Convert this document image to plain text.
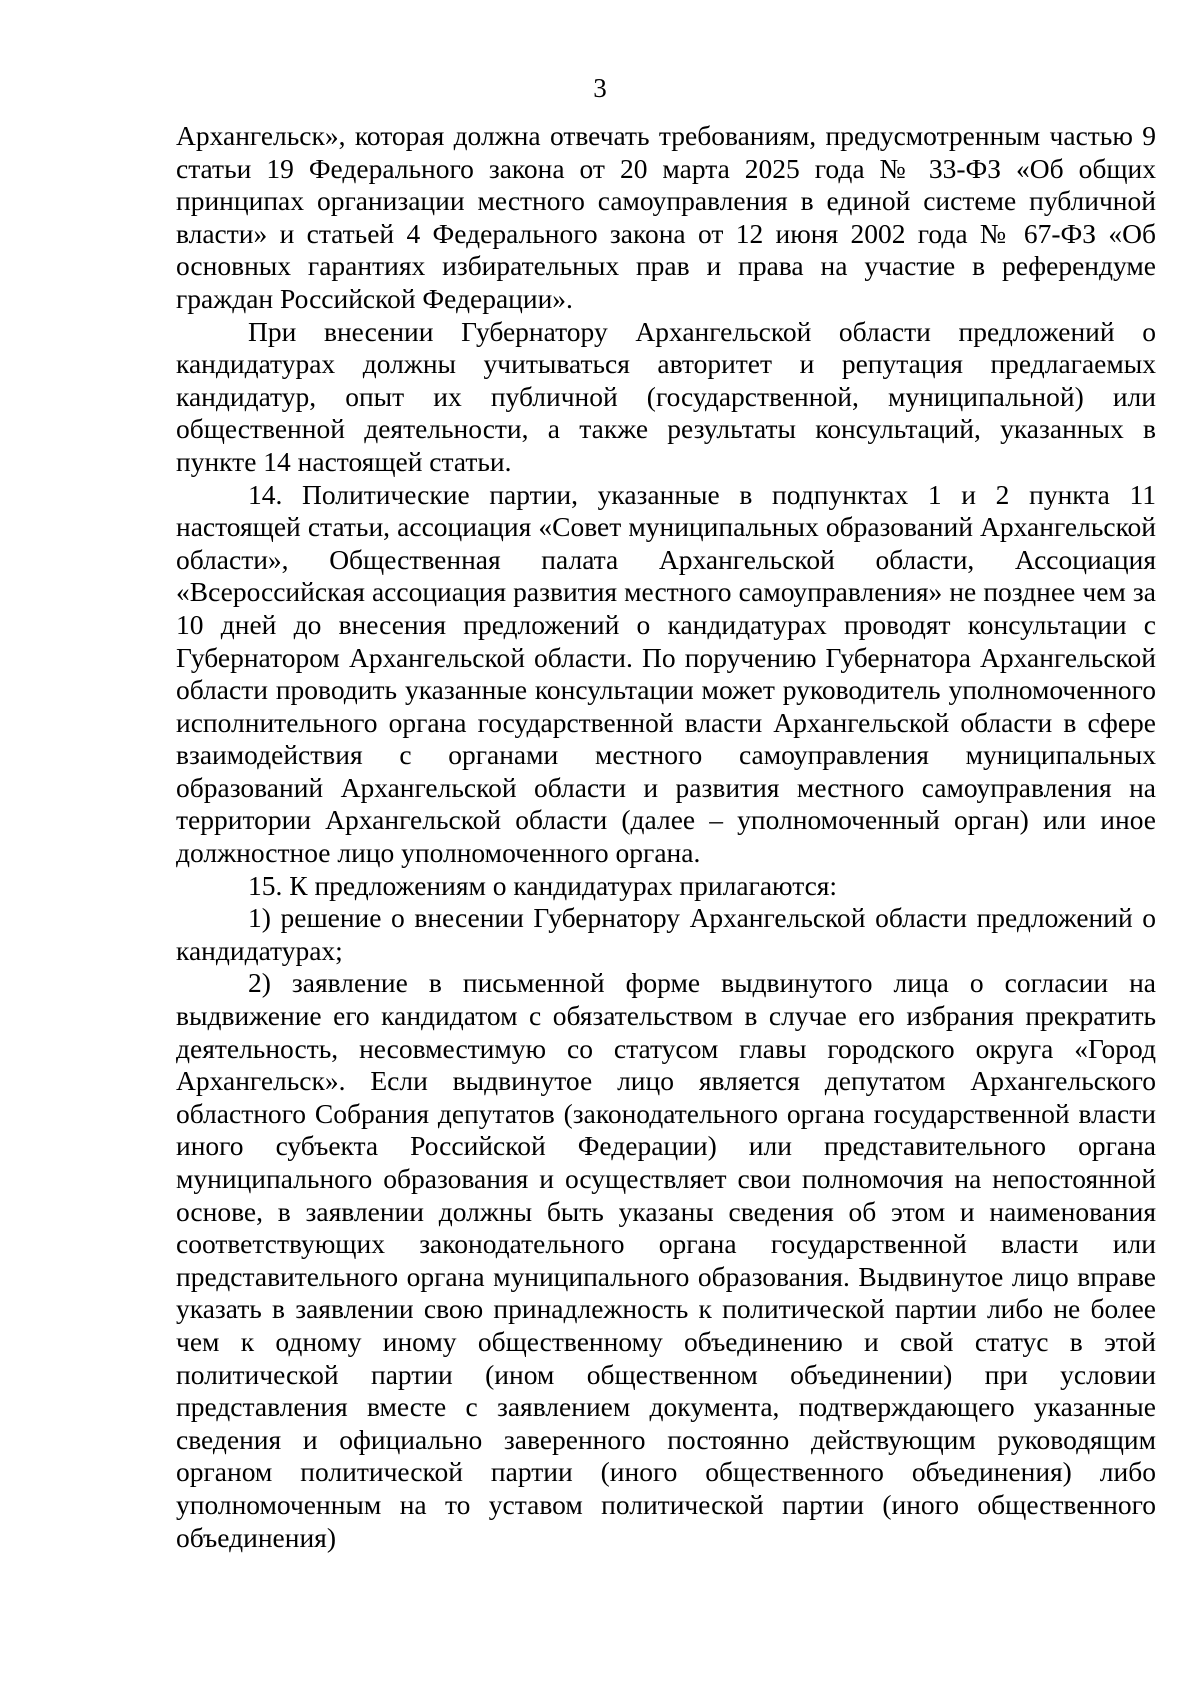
3

Архангельск», которая должна отвечать требованиям, предусмотренным частью 9 статьи 19 Федерального закона от 20 марта 2025 года № 33-ФЗ «Об общих принципах организации местного самоуправления в единой системе публичной власти» и статьей 4 Федерального закона от 12 июня 2002 года № 67-ФЗ «Об основных гарантиях избирательных прав и права на участие в референдуме граждан Российской Федерации».

При внесении Губернатору Архангельской области предложений о кандидатурах должны учитываться авторитет и репутация предлагаемых кандидатур, опыт их публичной (государственной, муниципальной) или общественной деятельности, а также результаты консультаций, указанных в пункте 14 настоящей статьи.

14. Политические партии, указанные в подпунктах 1 и 2 пункта 11 настоящей статьи, ассоциация «Совет муниципальных образований Архангельской области», Общественная палата Архангельской области, Ассоциация «Всероссийская ассоциация развития местного самоуправления» не позднее чем за 10 дней до внесения предложений о кандидатурах проводят консультации с Губернатором Архангельской области. По поручению Губернатора Архангельской области проводить указанные консультации может руководитель уполномоченного исполнительного органа государственной власти Архангельской области в сфере взаимодействия с органами местного самоуправления муниципальных образований Архангельской области и развития местного самоуправления на территории Архангельской области (далее – уполномоченный орган) или иное должностное лицо уполномоченного органа.

15. К предложениям о кандидатурах прилагаются:

1) решение о внесении Губернатору Архангельской области предложений о кандидатурах;

2) заявление в письменной форме выдвинутого лица о согласии на выдвижение его кандидатом с обязательством в случае его избрания прекратить деятельность, несовместимую со статусом главы городского округа «Город Архангельск». Если выдвинутое лицо является депутатом Архангельского областного Собрания депутатов (законодательного органа государственной власти иного субъекта Российской Федерации) или представительного органа муниципального образования и осуществляет свои полномочия на непостоянной основе, в заявлении должны быть указаны сведения об этом и наименования соответствующих законодательного органа государственной власти или представительного органа муниципального образования. Выдвинутое лицо вправе указать в заявлении свою принадлежность к политической партии либо не более чем к одному иному общественному объединению и свой статус в этой политической партии (ином общественном объединении) при условии представления вместе с заявлением документа, подтверждающего указанные сведения и официально заверенного постоянно действующим руководящим органом политической партии (иного общественного объединения) либо уполномоченным на то уставом политической партии (иного общественного объединения)
